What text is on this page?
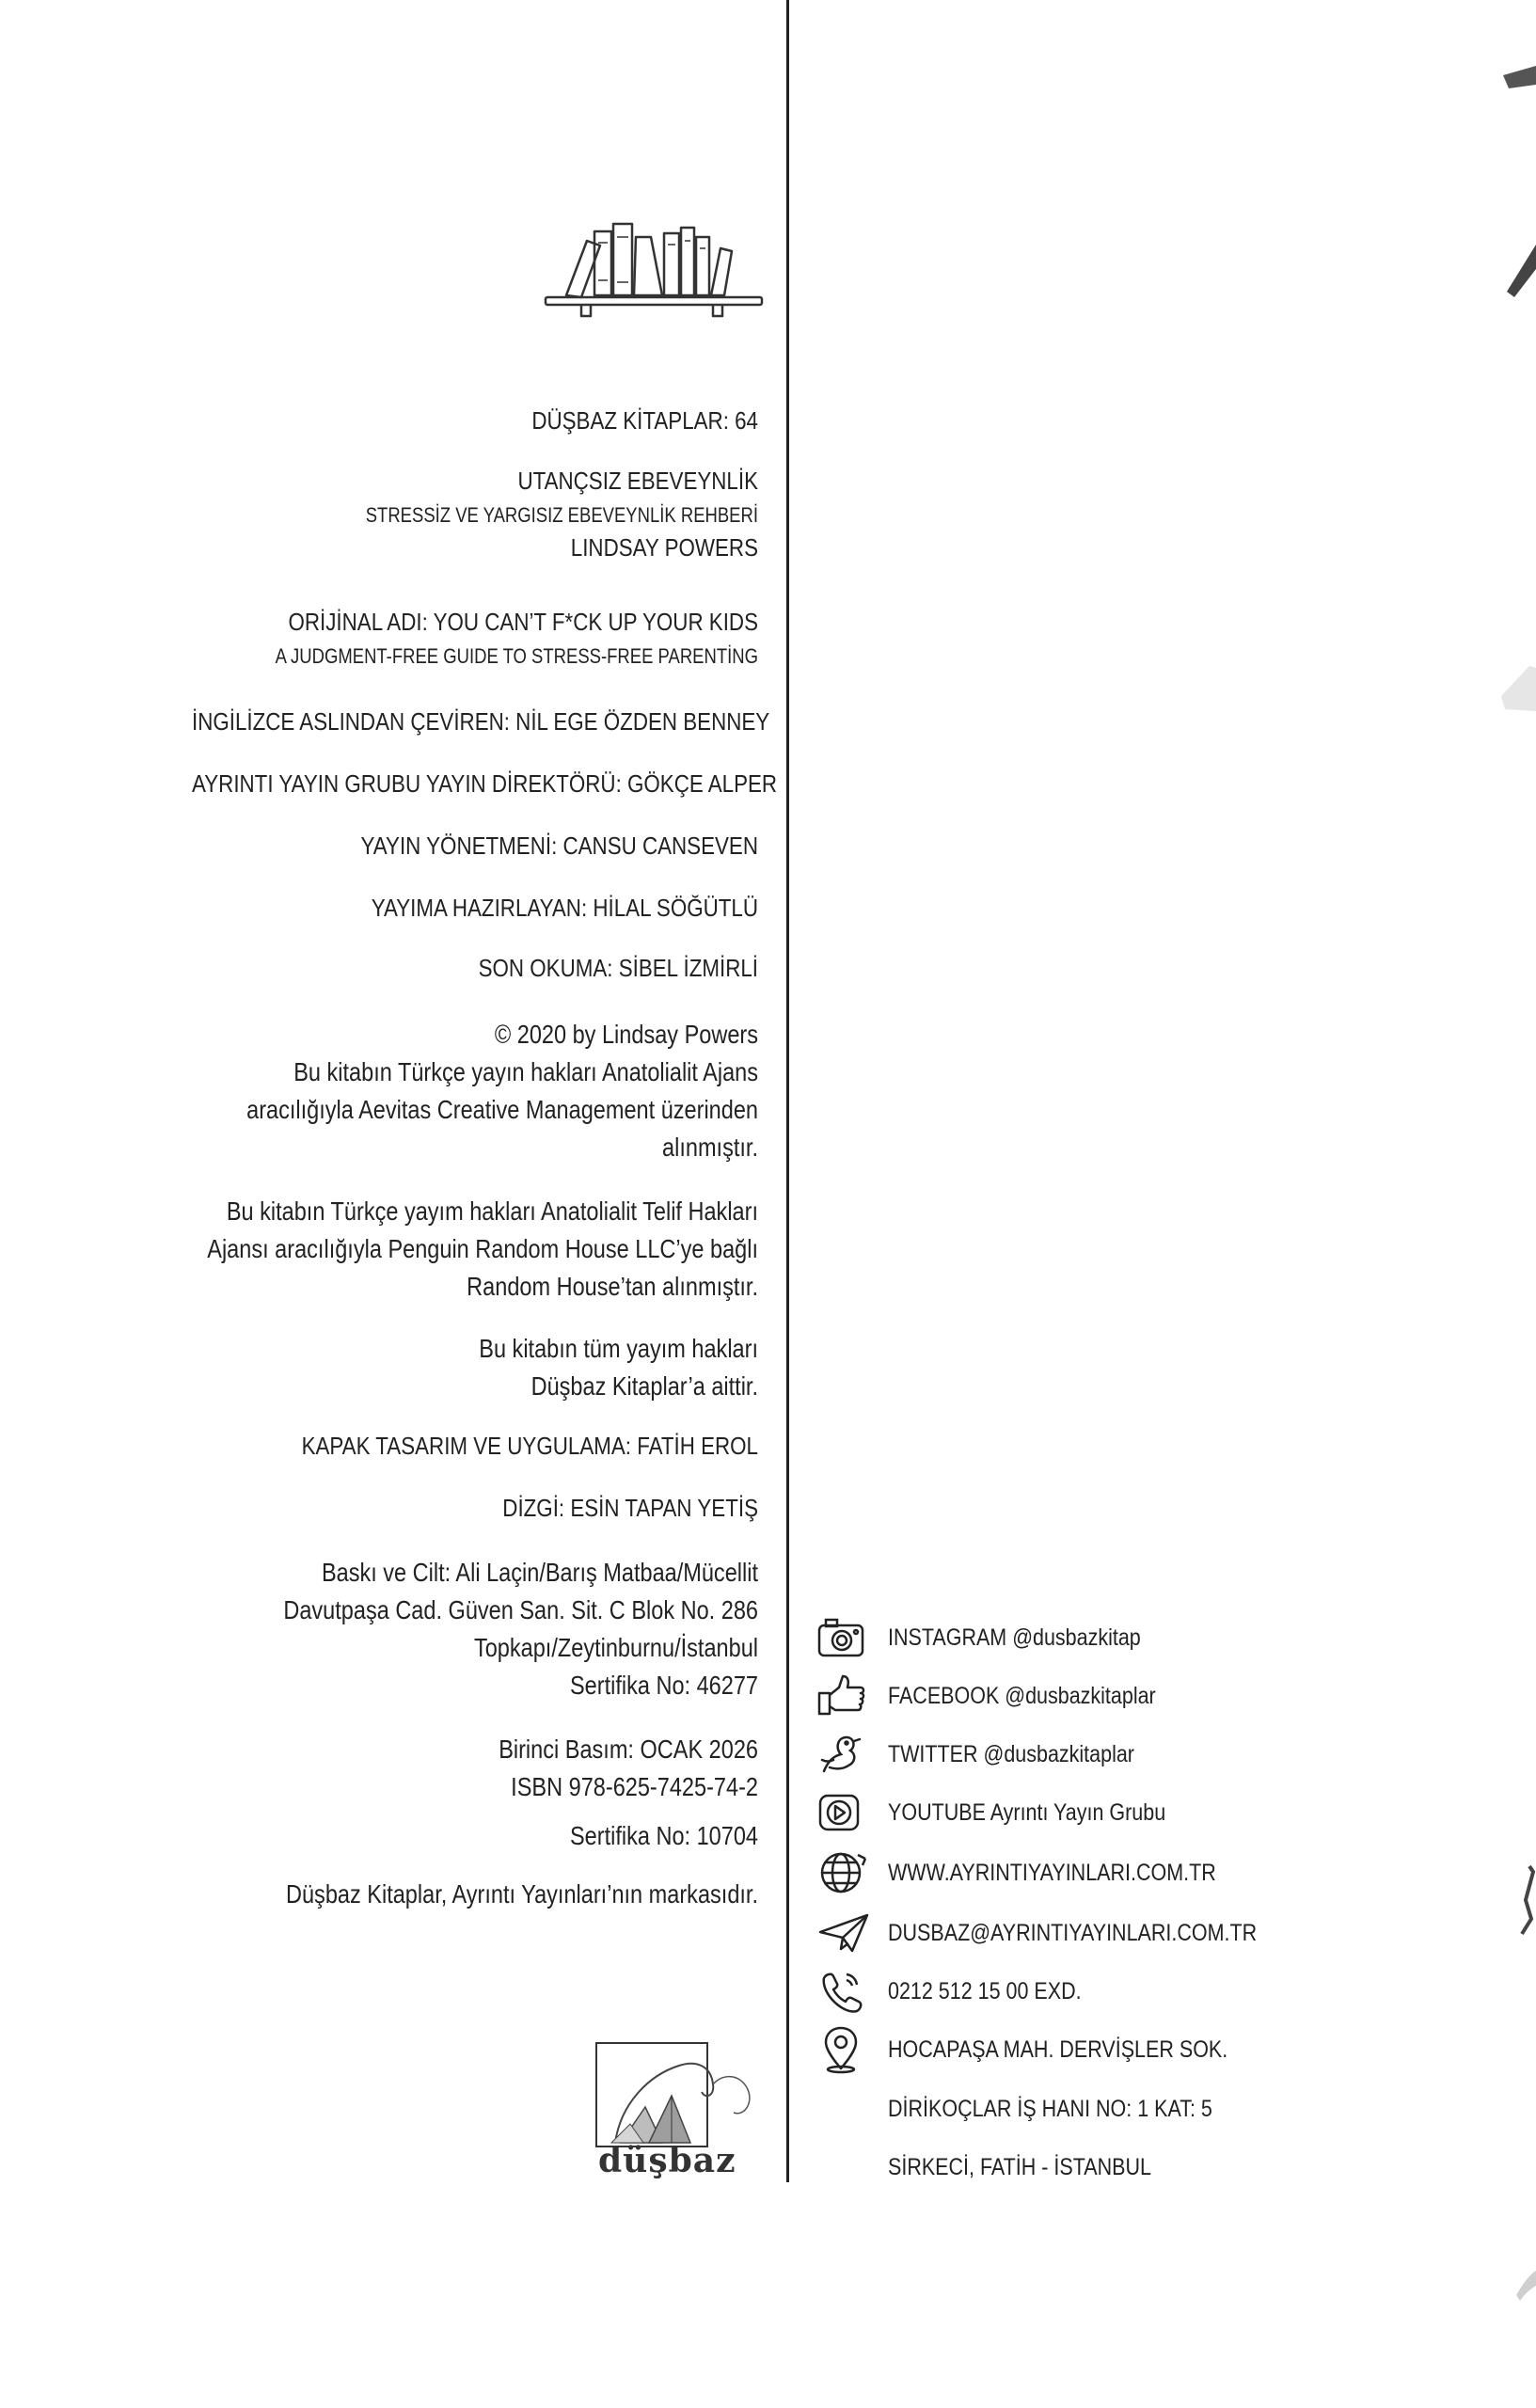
DÜŞBAZ KİTAPLAR: 64
UTANÇSIZ EBEVEYNLİK
STRESSİZ VE YARGISIZ EBEVEYNLİK REHBERİ
LINDSAY POWERS
ORİJİNAL ADI: YOU CAN’T F*CK UP YOUR KIDS
A JUDGMENT-FREE GUIDE TO STRESS-FREE PARENTİNG
İNGİLİZCE ASLINDAN ÇEVİREN: NİL EGE ÖZDEN BENNEY
AYRINTI YAYIN GRUBU YAYIN DİREKTÖRÜ: GÖKÇE ALPER
YAYIN YÖNETMENİ: CANSU CANSEVEN
YAYIMA HAZIRLAYAN: HİLAL SÖĞÜTLÜ
SON OKUMA: SİBEL İZMİRLİ
© 2020 by Lindsay Powers
Bu kitabın Türkçe yayın hakları Anatolialit Ajans
aracılığıyla Aevitas Creative Management üzerinden
alınmıştır.
Bu kitabın Türkçe yayım hakları Anatolialit Telif Hakları
Ajansı aracılığıyla Penguin Random House LLC’ye bağlı
Random House’tan alınmıştır.
Bu kitabın tüm yayım hakları
Düşbaz Kitaplar’a aittir.
KAPAK TASARIM VE UYGULAMA: FATİH EROL
DİZGİ: ESİN TAPAN YETİŞ
Baskı ve Cilt: Ali Laçin/Barış Matbaa/Mücellit
Davutpaşa Cad. Güven San. Sit. C Blok No. 286
Topkapı/Zeytinburnu/İstanbul
Sertifika No: 46277
Birinci Basım: OCAK 2026
ISBN 978-625-7425-74-2
Sertifika No: 10704
Düşbaz Kitaplar, Ayrıntı Yayınları’nın markasıdır.
düşbaz
INSTAGRAM @dusbazkitap
FACEBOOK @dusbazkitaplar
TWITTER @dusbazkitaplar
YOUTUBE Ayrıntı Yayın Grubu
WWW.AYRINTIYAYINLARI.COM.TR
DUSBAZ@AYRINTIYAYINLARI.COM.TR
0212 512 15 00 EXD.
HOCAPAŞA MAH. DERVİŞLER SOK.
DİRİKOÇLAR İŞ HANI NO: 1 KAT: 5
SİRKECİ, FATİH - İSTANBUL
